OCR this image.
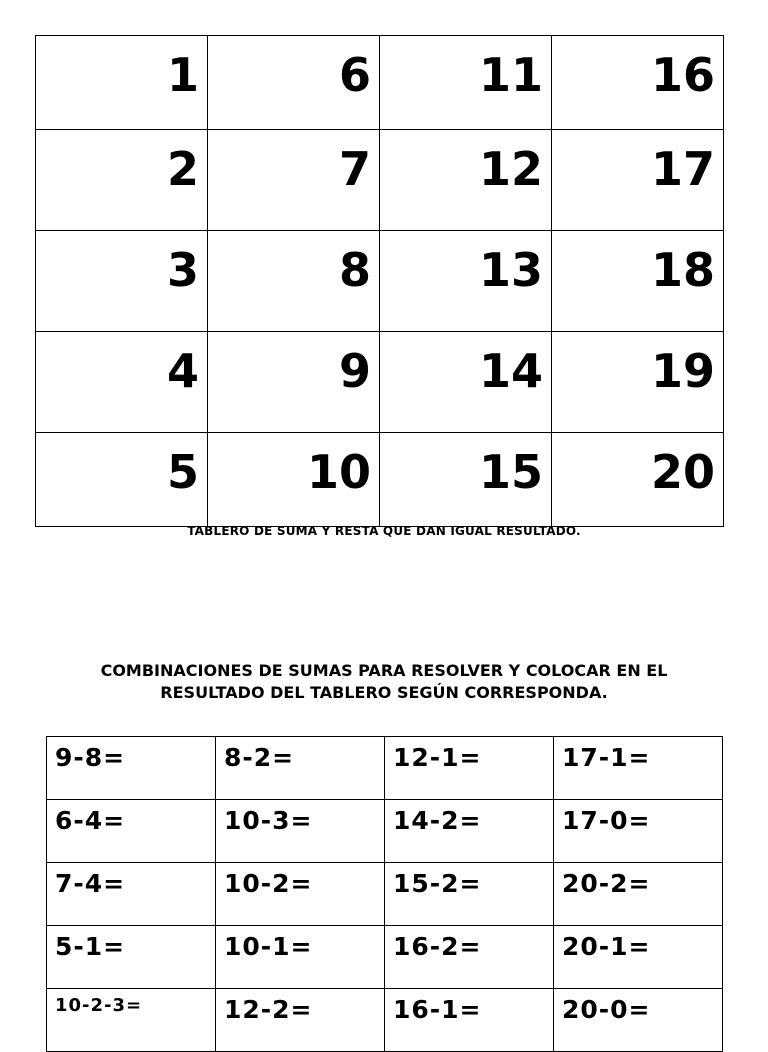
1	6	11	16
2	7	12	17
3	8	13	18
4	9	14	19
5	10	15	20
TABLERO DE SUMA Y RESTA QUE DAN IGUAL RESULTADO.
COMBINACIONES DE SUMAS PARA RESOLVER Y COLOCAR EN EL
RESULTADO DEL TABLERO SEGÚN CORRESPONDA.
9-8=	8-2=	12-1=	17-1=
6-4=	10-3=	14-2=	17-0=
7-4=	10-2=	15-2=	20-2=
5-1=	10-1=	16-2=	20-1=
10-2-3=	12-2=	16-1=	20-0=
